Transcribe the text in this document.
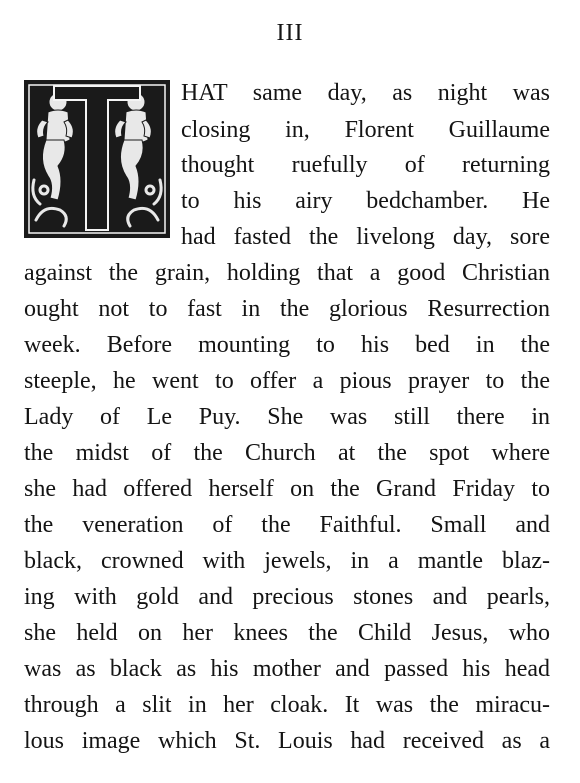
III
HAT same day, as night was
closing in, Florent Guillaume
thought ruefully of returning
to his airy bedchamber. He
had fasted the livelong day, sore
against the grain, holding that a good Christian
ought not to fast in the glorious Resurrection
week. Before mounting to his bed in the
steeple, he went to offer a pious prayer to the
Lady of Le Puy. She was still there in
the midst of the Church at the spot where
she had offered herself on the Grand Friday to
the veneration of the Faithful. Small and
black, crowned with jewels, in a mantle blaz-
ing with gold and precious stones and pearls,
she held on her knees the Child Jesus, who
was as black as his mother and passed his head
through a slit in her cloak. It was the miracu-
lous image which St. Louis had received as a
